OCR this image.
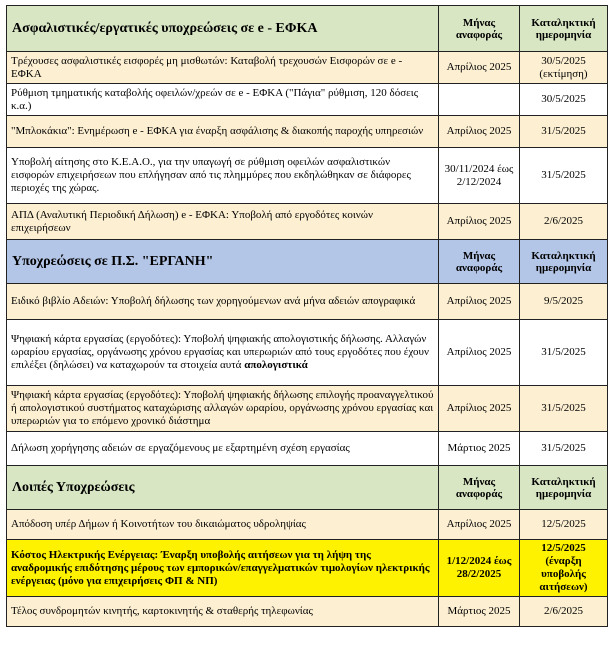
Ασφαλιστικές/εργατικές υποχρεώσεις σε e - ΕΦΚΑ	Μήνας αναφοράς	Καταληκτική ημερομηνία
Τρέχουσες ασφαλιστικές εισφορές μη μισθωτών: Καταβολή τρεχουσών Εισφορών σε e - ΕΦΚΑ	Απρίλιος 2025	30/5/2025 (εκτίμηση)
Ρύθμιση τμηματικής καταβολής οφειλών/χρεών σε e - ΕΦΚΑ ("Πάγια" ρύθμιση, 120 δόσεις κ.α.)		30/5/2025
"Μπλοκάκια": Ενημέρωση e - ΕΦΚΑ για έναρξη ασφάλισης & διακοπής παροχής υπηρεσιών	Απρίλιος 2025	31/5/2025
Υποβολή αίτησης στο Κ.Ε.Α.Ο., για την υπαγωγή σε ρύθμιση οφειλών ασφαλιστικών εισφορών επιχειρήσεων που επλήγησαν από τις πλημμύρες που εκδηλώθηκαν σε διάφορες περιοχές της χώρας.	30/11/2024 έως 2/12/2024	31/5/2025
ΑΠΔ (Αναλυτική Περιοδική Δήλωση) e - ΕΦΚΑ: Υποβολή από εργοδότες κοινών επιχειρήσεων	Απρίλιος 2025	2/6/2025
Υποχρεώσεις σε Π.Σ. "ΕΡΓΑΝΗ"	Μήνας αναφοράς	Καταληκτική ημερομηνία
Ειδικό βιβλίο Αδειών: Υποβολή δήλωσης των χορηγούμενων ανά μήνα αδειών απογραφικά	Απρίλιος 2025	9/5/2025
Ψηφιακή κάρτα εργασίας (εργοδότες): Υποβολή ψηφιακής απολογιστικής δήλωσης. Αλλαγών ωραρίου εργασίας, οργάνωσης χρόνου εργασίας και υπερωριών από τους εργοδότες που έχουν επιλέξει (δηλώσει) να καταχωρούν τα στοιχεία αυτά απολογιστικά	Απρίλιος 2025	31/5/2025
Ψηφιακή κάρτα εργασίας (εργοδότες): Υποβολή ψηφιακής δήλωσης επιλογής προαναγγελτικού ή απολογιστικού συστήματος καταχώρισης αλλαγών ωραρίου, οργάνωσης χρόνου εργασίας και υπερωριών για το επόμενο χρονικό διάστημα	Απρίλιος 2025	31/5/2025
Δήλωση χορήγησης αδειών σε εργαζόμενους με εξαρτημένη σχέση εργασίας	Μάρτιος 2025	31/5/2025
Λοιπές Υποχρεώσεις	Μήνας αναφοράς	Καταληκτική ημερομηνία
Απόδοση υπέρ Δήμων ή Κοινοτήτων του δικαιώματος υδροληψίας	Απρίλιος 2025	12/5/2025
Κόστος Ηλεκτρικής Ενέργειας: Έναρξη υποβολής αιτήσεων για τη λήψη της αναδρομικής επιδότησης μέρους των εμπορικών/επαγγελματικών τιμολογίων ηλεκτρικής ενέργειας (μόνο για επιχειρήσεις ΦΠ & ΝΠ)	1/12/2024 έως 28/2/2025	12/5/2025 (έναρξη υποβολής αιτήσεων)
Τέλος συνδρομητών κινητής, καρτοκινητής & σταθερής τηλεφωνίας	Μάρτιος 2025	2/6/2025
